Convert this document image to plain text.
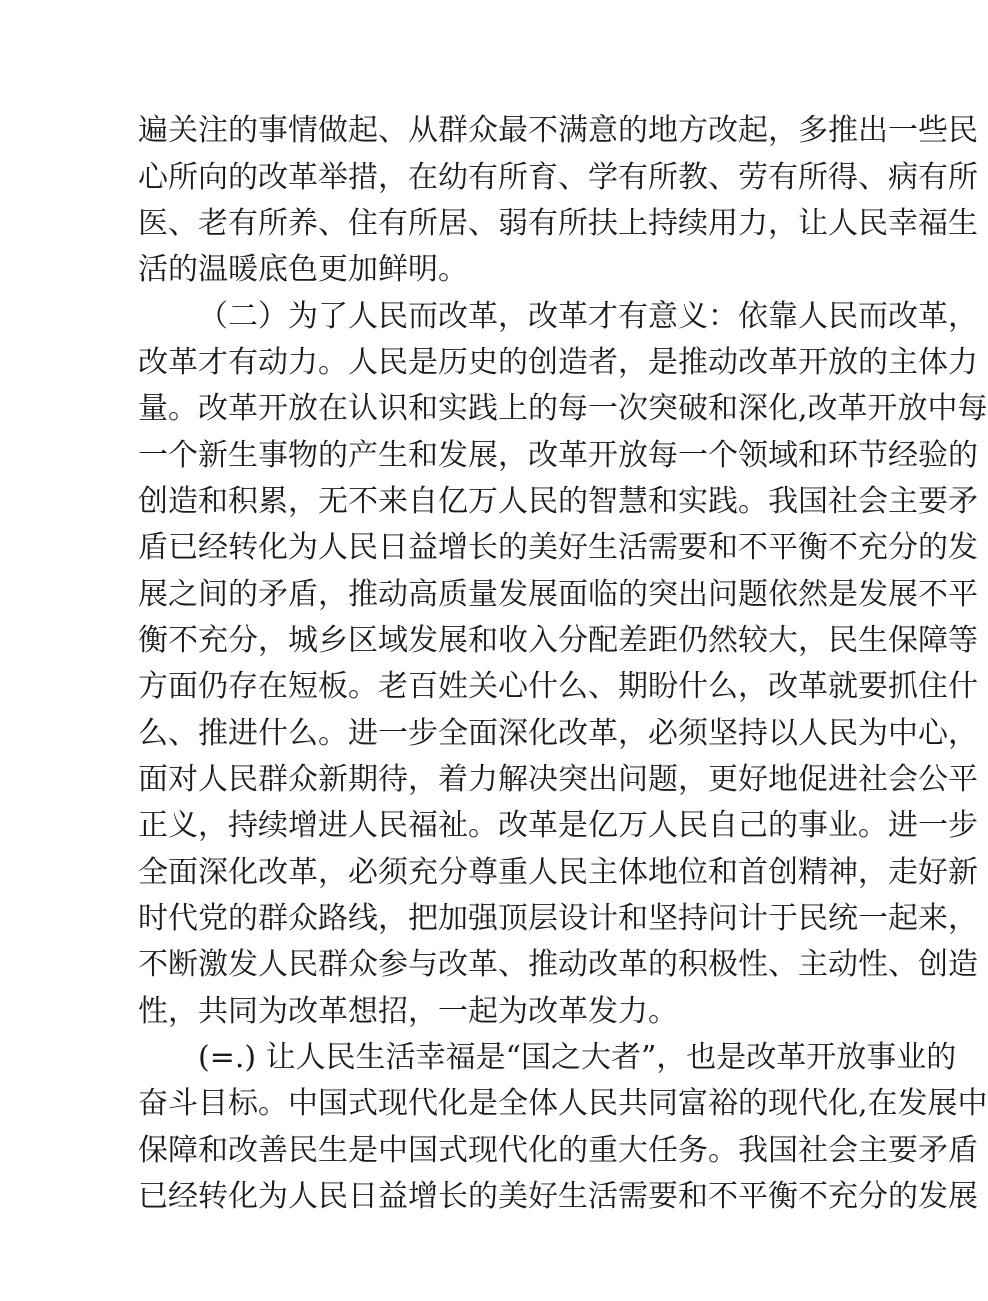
遍关注的事情做起、从群众最不满意的地方改起，多推出一些民
心所向的改革举措，在幼有所育、学有所教、劳有所得、病有所
医、老有所养、住有所居、弱有所扶上持续用力，让人民幸福生
活的温暖底色更加鲜明。
（二）为了人民而改革，改革才有意义：依靠人民而改革，
改革才有动力。人民是历史的创造者，是推动改革开放的主体力
量。改革开放在认识和实践上的每一次突破和深化,改革开放中每
一个新生事物的产生和发展，改革开放每一个领域和环节经验的
创造和积累，无不来自亿万人民的智慧和实践。我国社会主要矛
盾已经转化为人民日益增长的美好生活需要和不平衡不充分的发
展之间的矛盾，推动高质量发展面临的突出问题依然是发展不平
衡不充分，城乡区域发展和收入分配差距仍然较大，民生保障等
方面仍存在短板。老百姓关心什么、期盼什么，改革就要抓住什
么、推进什么。进一步全面深化改革，必须坚持以人民为中心，
面对人民群众新期待，着力解决突出问题，更好地促进社会公平
正义，持续增进人民福祉。改革是亿万人民自己的事业。进一步
全面深化改革，必须充分尊重人民主体地位和首创精神，走好新
时代党的群众路线，把加强顶层设计和坚持问计于民统一起来，
不断激发人民群众参与改革、推动改革的积极性、主动性、创造
性，共同为改革想招，一起为改革发力。
(=.) 让人民生活幸福是“国之大者”，也是改革开放事业的
奋斗目标。中国式现代化是全体人民共同富裕的现代化,在发展中
保障和改善民生是中国式现代化的重大任务。我国社会主要矛盾
已经转化为人民日益增长的美好生活需要和不平衡不充分的发展
